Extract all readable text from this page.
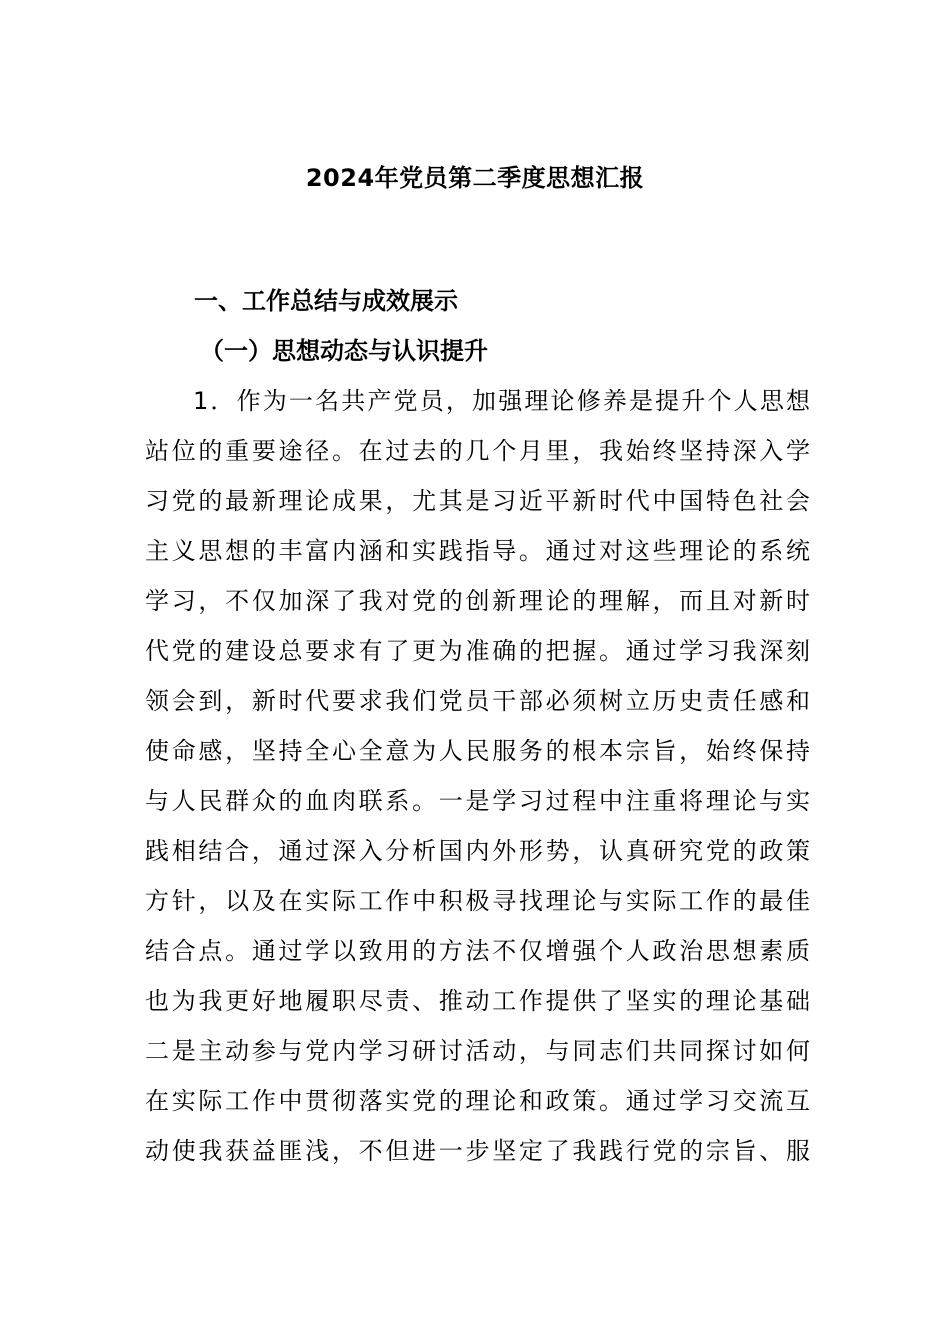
2024年党员第二季度思想汇报
一、工作总结与成效展示
（一）思想动态与认识提升
1．作为一名共产党员，加强理论修养是提升个人思想
站位的重要途径。在过去的几个月里，我始终坚持深入学
习党的最新理论成果，尤其是习近平新时代中国特色社会
主义思想的丰富内涵和实践指导。通过对这些理论的系统
学习，不仅加深了我对党的创新理论的理解，而且对新时
代党的建设总要求有了更为准确的把握。通过学习我深刻
领会到，新时代要求我们党员干部必须树立历史责任感和
使命感，坚持全心全意为人民服务的根本宗旨，始终保持
与人民群众的血肉联系。一是学习过程中注重将理论与实
践相结合，通过深入分析国内外形势，认真研究党的政策
方针，以及在实际工作中积极寻找理论与实际工作的最佳
结合点。通过学以致用的方法不仅增强个人政治思想素质
也为我更好地履职尽责、推动工作提供了坚实的理论基础
二是主动参与党内学习研讨活动，与同志们共同探讨如何
在实际工作中贯彻落实党的理论和政策。通过学习交流互
动使我获益匪浅，不但进一步坚定了我践行党的宗旨、服
